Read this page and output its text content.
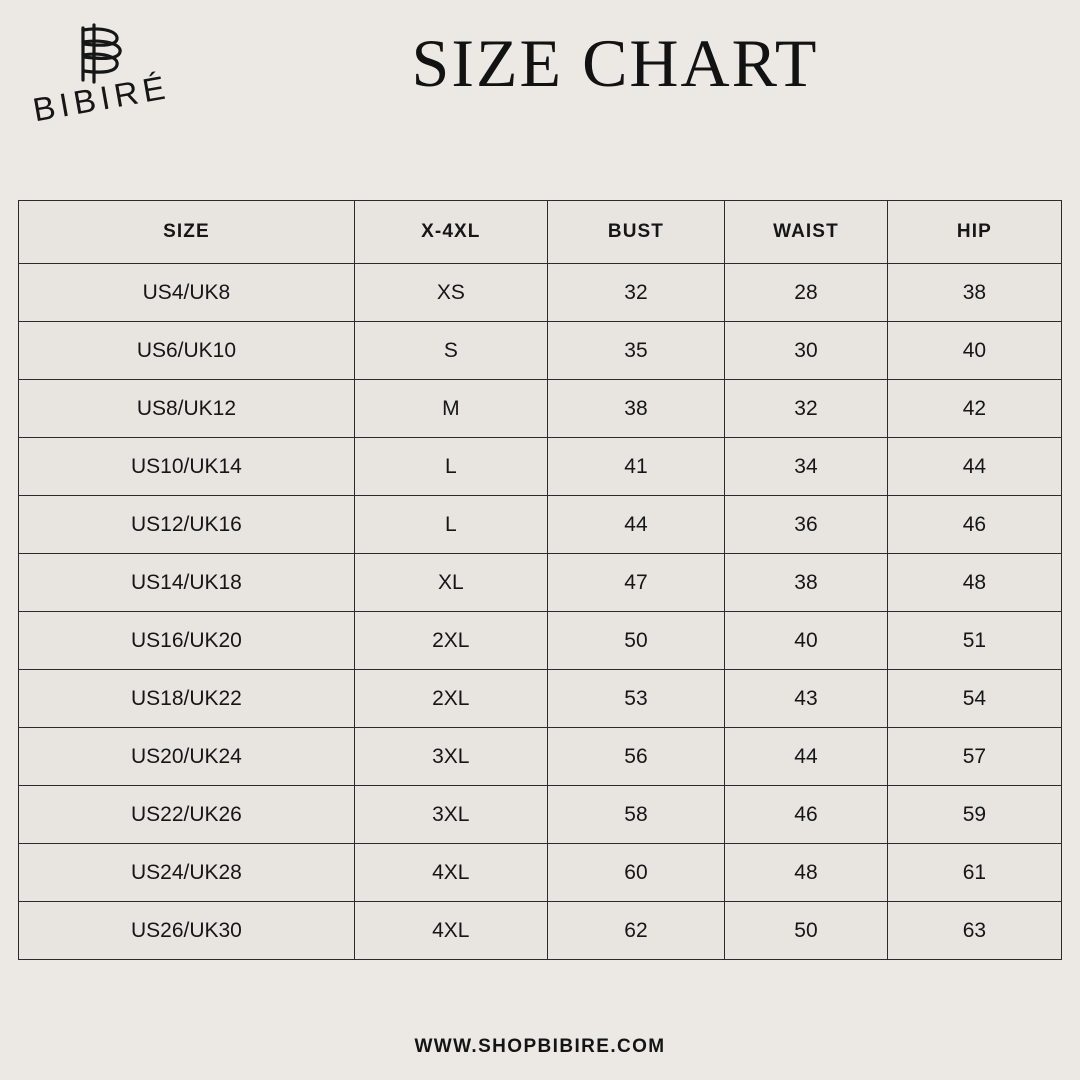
BIBIRÉ	SIZE CHART
SIZE	X-4XL	BUST	WAIST	HIP
US4/UK8	XS	32	28	38
US6/UK10	S	35	30	40
US8/UK12	M	38	32	42
US10/UK14	L	41	34	44
US12/UK16	L	44	36	46
US14/UK18	XL	47	38	48
US16/UK20	2XL	50	40	51
US18/UK22	2XL	53	43	54
US20/UK24	3XL	56	44	57
US22/UK26	3XL	58	46	59
US24/UK28	4XL	60	48	61
US26/UK30	4XL	62	50	63
WWW.SHOPBIBIRE.COM
